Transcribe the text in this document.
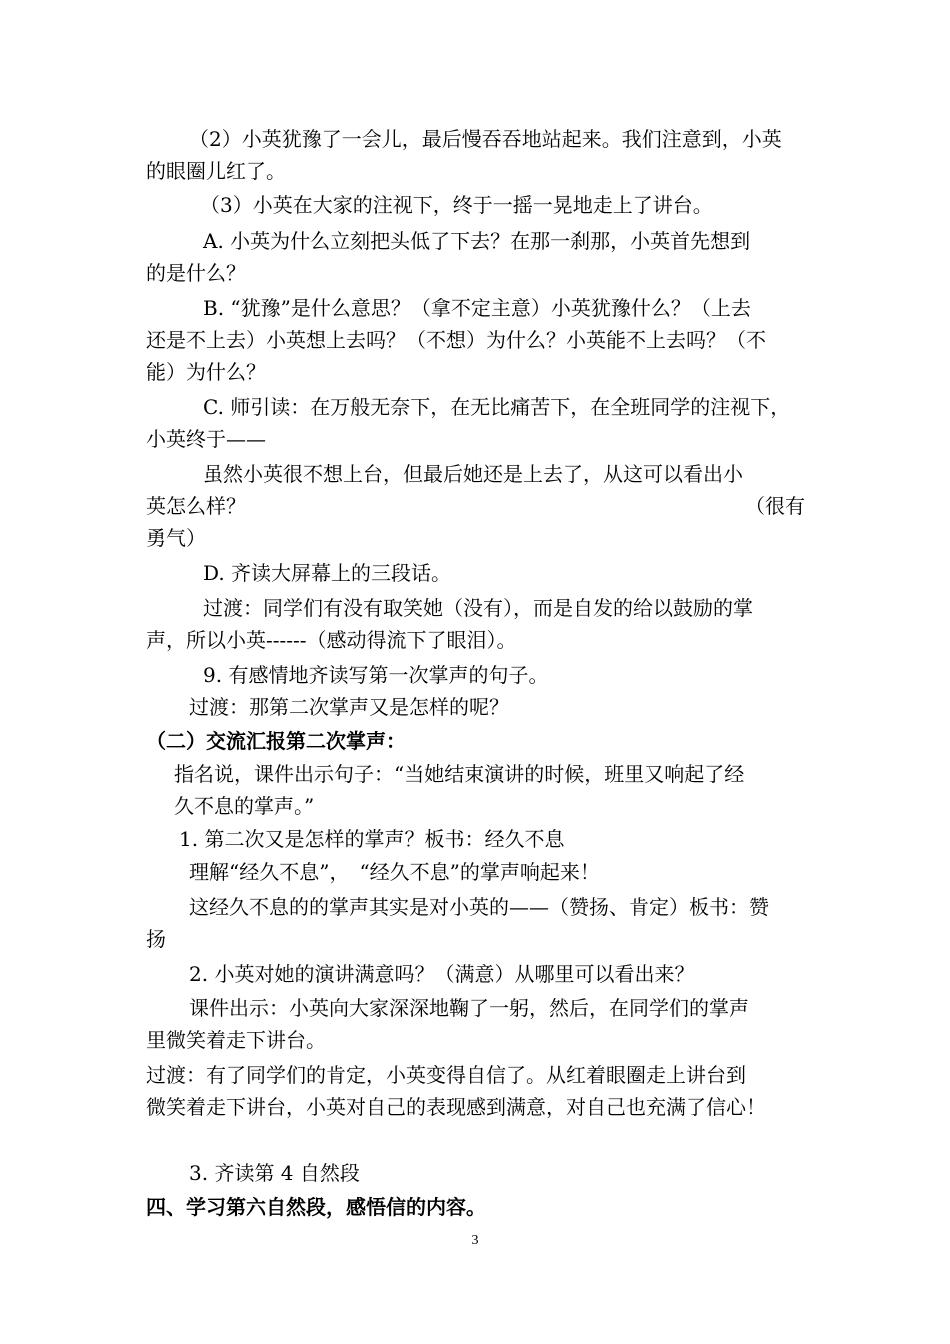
（2）小英犹豫了一会儿，最后慢吞吞地站起来。我们注意到，小英
的眼圈儿红了。
（3）小英在大家的注视下，终于一摇一晃地走上了讲台。
A. 小英为什么立刻把头低了下去？在那一刹那，小英首先想到
的是什么？
B. “犹豫”是什么意思？（拿不定主意）小英犹豫什么？（上去
还是不上去）小英想上去吗？（不想）为什么？小英能不上去吗？（不
能）为什么？
C. 师引读：在万般无奈下，在无比痛苦下，在全班同学的注视下，
小英终于——
虽然小英很不想上台，但最后她还是上去了，从这可以看出小
英怎么样？	（很有
勇气）
D. 齐读大屏幕上的三段话。
过渡：同学们有没有取笑她（没有），而是自发的给以鼓励的掌
声，所以小英------（感动得流下了眼泪）。
9. 有感情地齐读写第一次掌声的句子。
过渡：那第二次掌声又是怎样的呢？
（二）交流汇报第二次掌声：
指名说，课件出示句子：“当她结束演讲的时候，班里又响起了经
久不息的掌声。”
1. 第二次又是怎样的掌声？板书：经久不息
理解“经久不息”，　“经久不息”的掌声响起来！
这经久不息的的掌声其实是对小英的——（赞扬、肯定）板书：赞
扬
2. 小英对她的演讲满意吗？（满意）从哪里可以看出来？
课件出示：小英向大家深深地鞠了一躬，然后，在同学们的掌声
里微笑着走下讲台。
过渡：有了同学们的肯定，小英变得自信了。从红着眼圈走上讲台到
微笑着走下讲台，小英对自己的表现感到满意，对自己也充满了信心！
3. 齐读第 4 自然段
四、学习第六自然段，感悟信的内容。
3
